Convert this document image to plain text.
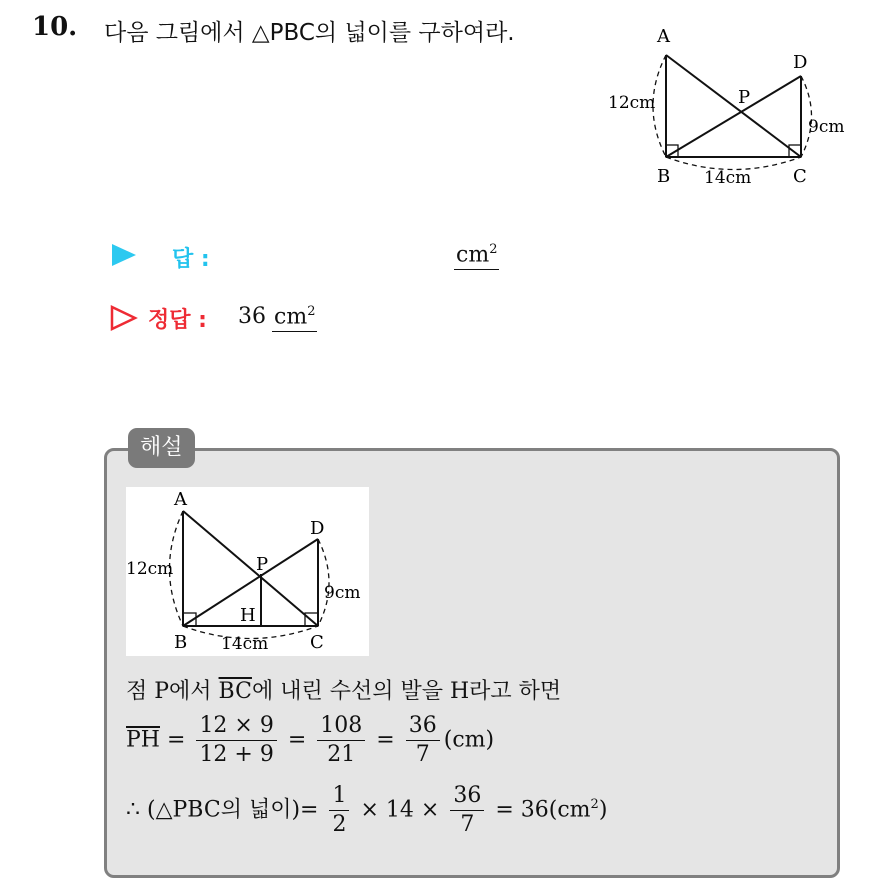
10. 다음 그림에서 △PBC의 넓이를 구하여라.	A
B	C
D
P
12cm
14cm
9cm
답 :	$cm^2$
정답 : 36 $cm^2$
해설
A
B	C
D
P
H
12cm
14cm
9cm
점 P에서 $\overline{BC}$에 내린 수선의 발을 H라고 하면
$\overline{PH} = \frac{12 \times 9}{12 + 9} = \frac{108}{21} = \frac{36}{7} (cm)$
∴ (△PBC의 넓이)= $\frac{1}{2} \times 14 \times \frac{36}{7} = 36(cm^2)$
